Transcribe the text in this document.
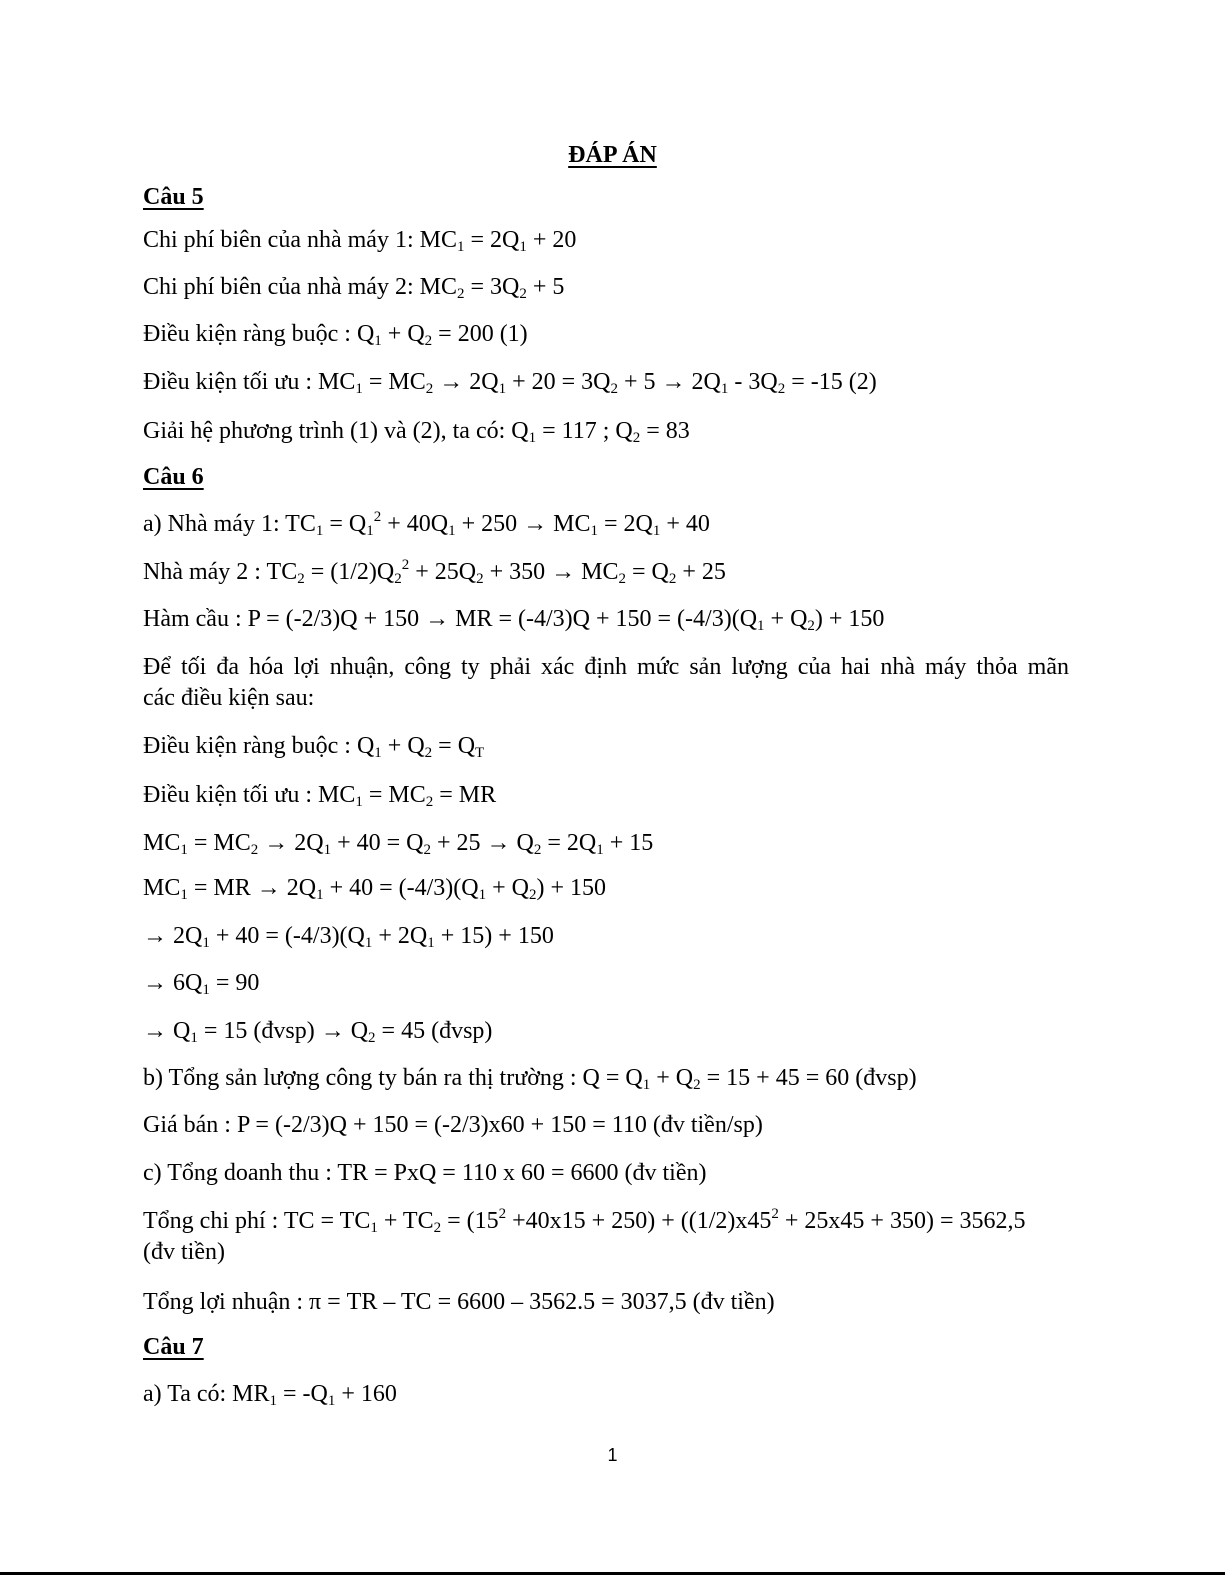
ĐÁP ÁN
Câu 5
Chi phí biên của nhà máy 1: $MC_1 = 2Q_1 + 20$
Chi phí biên của nhà máy 2: $MC_2 = 3Q_2 + 5$
Điều kiện ràng buộc : $Q_1 + Q_2 = 200$ (1)
Điều kiện tối ưu : $MC_1 = MC_2 \to 2Q_1 + 20 = 3Q_2 + 5 \to 2Q_1 - 3Q_2 = -15$ (2)
Giải hệ phương trình (1) và (2), ta có: $Q_1 = 117$ ; $Q_2 = 83$
Câu 6
a) Nhà máy 1: $TC_1 = Q_1^2 + 40Q_1 + 250 \to MC_1 = 2Q_1 + 40$
Nhà máy 2 : $TC_2 = (1/2)Q_2^2 + 25Q_2 + 350 \to MC_2 = Q_2 + 25$
Hàm cầu : P = (-2/3)Q + 150 → MR = $(-4/3)Q + 150 = (-4/3)(Q_1 + Q_2) + 150$
Để tối đa hóa lợi nhuận, công ty phải xác định mức sản lượng của hai nhà máy thỏa mãn
các điều kiện sau:
Điều kiện ràng buộc : $Q_1 + Q_2 = Q_T$
Điều kiện tối ưu : $MC_1 = MC_2$ = MR
$MC_1 = MC_2 \to 2Q_1 + 40 = Q_2 + 25 \to Q_2 = 2Q_1 + 15$
$MC_1$ = MR → $2Q_1 + 40 = (-4/3)(Q_1 + Q_2) + 150$
→ $2Q_1 + 40 = (-4/3)(Q_1 + 2Q_1 + 15) + 150$
→ $6Q_1 = 90$
→ $Q_1 = 15$ (đvsp) → $Q_2 = 45$ (đvsp)
b) Tổng sản lượng công ty bán ra thị trường : $Q = Q_1 + Q_2 = 15 + 45 = 60$ (đvsp)
Giá bán : P = (-2/3)Q + 150 = (-2/3)x60 + 150 = 110 (đv tiền/sp)
c) Tổng doanh thu : TR = PxQ = 110 x 60 = 6600 (đv tiền)
Tổng chi phí : TC = $TC_1 + TC_2 = (15^2 +40x15 + 250) + ((1/2)x45^2 + 25x45 + 350) = 3562,5$
(đv tiền)
Tổng lợi nhuận : π = TR – TC = 6600 – 3562.5 = 3037,5 (đv tiền)
Câu 7
a) Ta có: $MR_1 = -Q_1 + 160$
1
